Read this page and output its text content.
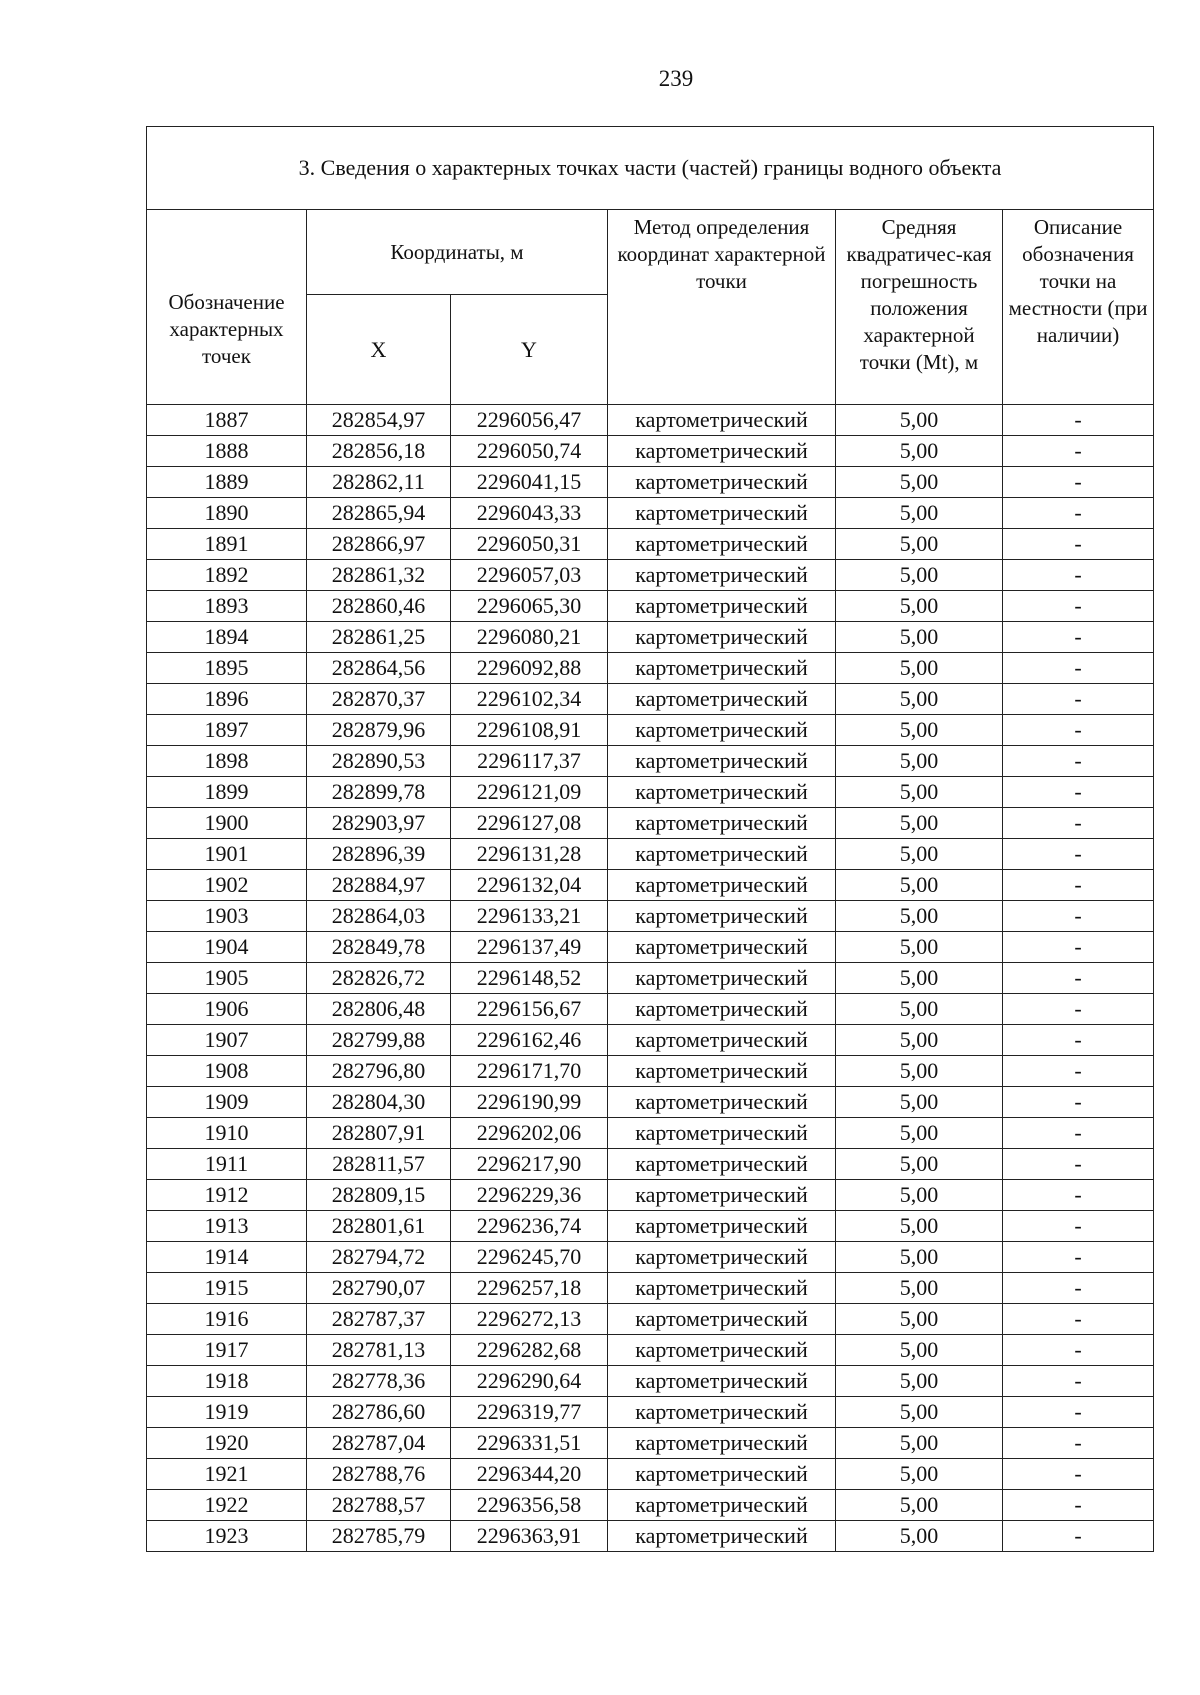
239
3. Сведения о характерных точках части (частей) границы водного объекта					
Обозначение характерных точек	Координаты, м		Метод определения координат характерной точки	Средняя квадратичес-кая погрешность положения характерной точки (Mt), м	Описание обозначения точки на местности (при наличии)
	X	Y			
1887	282854,97	2296056,47	картометрический	5,00	-
1888	282856,18	2296050,74	картометрический	5,00	-
1889	282862,11	2296041,15	картометрический	5,00	-
1890	282865,94	2296043,33	картометрический	5,00	-
1891	282866,97	2296050,31	картометрический	5,00	-
1892	282861,32	2296057,03	картометрический	5,00	-
1893	282860,46	2296065,30	картометрический	5,00	-
1894	282861,25	2296080,21	картометрический	5,00	-
1895	282864,56	2296092,88	картометрический	5,00	-
1896	282870,37	2296102,34	картометрический	5,00	-
1897	282879,96	2296108,91	картометрический	5,00	-
1898	282890,53	2296117,37	картометрический	5,00	-
1899	282899,78	2296121,09	картометрический	5,00	-
1900	282903,97	2296127,08	картометрический	5,00	-
1901	282896,39	2296131,28	картометрический	5,00	-
1902	282884,97	2296132,04	картометрический	5,00	-
1903	282864,03	2296133,21	картометрический	5,00	-
1904	282849,78	2296137,49	картометрический	5,00	-
1905	282826,72	2296148,52	картометрический	5,00	-
1906	282806,48	2296156,67	картометрический	5,00	-
1907	282799,88	2296162,46	картометрический	5,00	-
1908	282796,80	2296171,70	картометрический	5,00	-
1909	282804,30	2296190,99	картометрический	5,00	-
1910	282807,91	2296202,06	картометрический	5,00	-
1911	282811,57	2296217,90	картометрический	5,00	-
1912	282809,15	2296229,36	картометрический	5,00	-
1913	282801,61	2296236,74	картометрический	5,00	-
1914	282794,72	2296245,70	картометрический	5,00	-
1915	282790,07	2296257,18	картометрический	5,00	-
1916	282787,37	2296272,13	картометрический	5,00	-
1917	282781,13	2296282,68	картометрический	5,00	-
1918	282778,36	2296290,64	картометрический	5,00	-
1919	282786,60	2296319,77	картометрический	5,00	-
1920	282787,04	2296331,51	картометрический	5,00	-
1921	282788,76	2296344,20	картометрический	5,00	-
1922	282788,57	2296356,58	картометрический	5,00	-
1923	282785,79	2296363,91	картометрический	5,00	-
